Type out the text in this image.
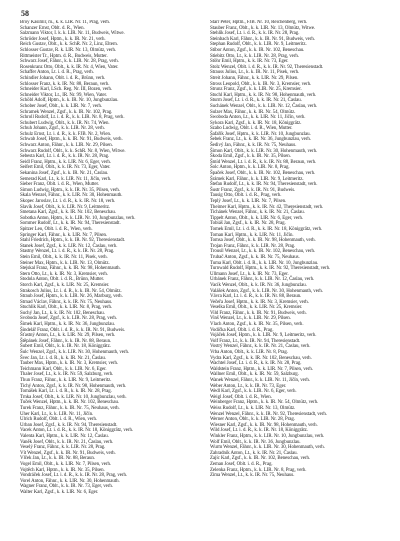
58
Bröy Kasimir, m., k. k. LIR. Nr. 11, Prag, verh.
Schanzer Ernst, Oblt. d. R., Wien.
Salzmann Viktor, I. k. k. LIR. Nr. 11, Budweis, Witwe.
Schröder Josef, Hptm., k. k. IR. Nr. 21, verh.
Reich Gustav, Oblt., k. k. SchR. Nr. 2, Linz, Eltern.
Schlosser Gustav, R. k. LIR. Nr. 13, Olmütz, verh.
Rittmeister Tr., Hptm. d. R., Budweis, Mutter.
Schwarz Josef, Fähnr., k. k. LIR. Nr. 28, Prag, verh.
Rosenkranz Otto, Oblt., k. k. IR. Nr. 4, Wien, Vater.
Schaffer Anton, Lt. i. d. R., Prag, verh.
Schindler Johann, Oblt. i. d. R., Brünn, verh.
Schlosser Franz, k. k. IR. Nr. 88, Beraun, verh.
Schneider Karl, LSch. Reg. Nr. III, Bozen, verh.
Schneider Viktor, Lt., IR. Nr. 99, Wien, Vater.
Schöbl Adolf, Hptm., k. k. IR. Nr. 10, Jungbunzlau.
Schober Josef, Oblt., k. k. LIR. Nr. 7, verh.
Schramek Wenzel, Zgsf., k. k. IR. Nr. 102, Prag.
Schroll Rudolf, Lt. i. d. R., k. k. LIR. Nr. 8, Prag, verh.
Schubert Ludwig, Oblt., k. k. IR. Nr. 74, Wien.
Schuh Johann, Zgsf., k. k. LIR. Nr. 28, verh.
Schulz Ernst, Lt. i. d. R., k. k. FJB. Nr. 2, Wien.
Schwab Josef, Hptm., k. k. IR. Nr. 91, Budweis, verh.
Schwarz Anton, Fähnr., k. k. LIR. Nr. 29, Pilsen.
Schwarz Rudolf, Oblt., k. k. SchR. Nr. 8, Wien, Witwe.
Sebesta Karl, Lt. i. d. R., k. k. IR. Nr. 28, Prag.
Seidl Franz, Hptm., k. k. LIR. Nr. 6, Eger, verh.
Seifert Emil, Oblt., k. k. IR. Nr. 73, Eger, Vater.
Sekanina Josef, Zgsf., k. k. IR. Nr. 21, Časlau.
Semerad Karl, Lt., k. k. LIR. Nr. 11, Jičín, verh.
Sieber Franz, Oblt. i. d. R., Wien, Mutter.
Simon Ludwig, Hptm., k. k. IR. Nr. 35, Pilsen, verh.
Skala Wenzel, Fähnr., k. k. LIR. Nr. 30, Hohenmauth.
Skopec Jaroslav, Lt. i. d. R., k. k. IR. Nr. 18, verh.
Slavík Josef, Oblt., k. k. LIR. Nr. 9, Leitmeritz.
Smetana Karl, Zgsf., k. k. IR. Nr. 102, Beneschau.
Sobotka Anton, Hptm., k. k. LIR. Nr. 10, Jungbunzlau, verh.
Sommer Rudolf, Lt., k. k. IR. Nr. 94, Theresienstadt.
Spitzer Leo, Oblt. i. d. R., Wien, verh.
Springer Karl, Fähnr., k. k. LIR. Nr. 7, Pilsen.
Stahl Friedrich, Hptm., k. k. IR. Nr. 92, Theresienstadt.
Stanek Josef, Zgsf., k. k. LIR. Nr. 12, Časlau, verh.
Stastny Wenzel, Lt. i. d. R., k. k. IR. Nr. 28, Prag.
Stein Emil, Oblt., k. k. IR. Nr. 11, Pisek, verh.
Steiner Max, Hptm., k. k. LIR. Nr. 13, Olmütz.
Stejskal Franz, Fähnr., k. k. IR. Nr. 98, Hohenmauth.
Stern Otto, Lt., k. k. IR. Nr. 3, Kremsier, verh.
Stodola Anton, Oblt. i. d. R., Brünn, Mutter.
Storch Karl, Zgsf., k. k. LIR. Nr. 25, Kremsier.
Strakosch Julius, Lt. i. d. R., k. k. IR. Nr. 54, Olmütz.
Straub Josef, Hptm., k. k. LIR. Nr. 26, Marburg, verh.
Strnad Václav, Fähnr., k. k. IR. Nr. 75, Neuhaus.
Stuchlik Karl, Oblt., k. k. LIR. Nr. 8, Prag, verh.
Suchý Jan, Lt., k. k. IR. Nr. 102, Beneschau.
Svoboda Josef, Zgsf., k. k. LIR. Nr. 28, Prag, verh.
Šimek Karl, Hptm., k. k. IR. Nr. 36, Jungbunzlau.
Šindelář Franz, Oblt. i. d. R., k. k. IR. Nr. 91, Budweis.
Šťastný Anton, Lt., k. k. LIR. Nr. 29, Pilsen, verh.
Štěpánek Josef, Fähnr., k. k. IR. Nr. 88, Beraun.
Šubert Emil, Oblt., k. k. IR. Nr. 18, Königgrätz.
Šulc Wenzel, Zgsf., k. k. LIR. Nr. 30, Hohenmauth, verh.
Švec Jan, Lt. i. d. R., k. k. IR. Nr. 21, Časlau.
Tauber Max, Hptm., k. k. IR. Nr. 3, Kremsier, verh.
Teichmann Karl, Oblt., k. k. LIR. Nr. 6, Eger.
Thaler Josef, Lt., k. k. IR. Nr. 59, Salzburg, verh.
Thun Franz, Fähnr., k. k. LIR. Nr. 9, Leitmeritz.
Tichý Anton, Zgsf., k. k. IR. Nr. 98, Hohenmauth, verh.
Tomášek Karl, Lt. i. d. R., k. k. IR. Nr. 28, Prag.
Trnka Josef, Oblt., k. k. LIR. Nr. 10, Jungbunzlau, verh.
Tuček Wenzel, Hptm., k. k. IR. Nr. 102, Beneschau.
Turek Franz, Fähnr., k. k. IR. Nr. 75, Neuhaus, verh.
Uher Karl, Lt., k. k. LIR. Nr. 11, Jičín.
Ulrich Rudolf, Oblt. i. d. R., Wien, verh.
Urban Josef, Zgsf., k. k. IR. Nr. 94, Theresienstadt.
Vacek Anton, Lt. i. d. R., k. k. IR. Nr. 18, Königgrätz, verh.
Valenta Karl, Hptm., k. k. LIR. Nr. 12, Časlau.
Vaněk Josef, Oblt., k. k. IR. Nr. 21, Časlau, verh.
Veselý Franz, Fähnr., k. k. LIR. Nr. 28, Prag.
Vít Wenzel, Zgsf., k. k. IR. Nr. 91, Budweis, verh.
Vlček Jan, Lt., k. k. IR. Nr. 88, Beraun.
Vogel Emil, Oblt., k. k. LIR. Nr. 7, Pilsen, verh.
Vojtěch Karl, Hptm., k. k. IR. Nr. 35, Pilsen.
Vondráček Josef, Lt. i. d. R., k. k. IR. Nr. 28, Prag, verh.
Vorel Anton, Fähnr., k. k. LIR. Nr. 30, Hohenmauth.
Wagner Franz, Oblt., k. k. IR. Nr. 73, Eger, verh.
Walter Karl, Zgsf., k. k. LIR. Nr. 6, Eger.
Starr Peter, Hptm., FJB. Nr. 10, Reichenberg, verh.
Stauber Franz, Oblt., k. k. LIR. Nr. 13, Olmütz, Witwe.
Stehlík Josef, Lt. i. d. R., k. k. IR. Nr. 28, Prag.
Steinbach Karl, Fähnr., k. k. IR. Nr. 91, Budweis, verh.
Stephan Rudolf, Oblt., k. k. LIR. Nr. 9, Leitmeritz.
Stibor Anton, Zgsf., k. k. IR. Nr. 102, Beneschau.
Stiebitz Otto, Lt., k. k. LIR. Nr. 28, Prag, verh.
Stöhr Emil, Hptm., k. k. IR. Nr. 73, Eger.
Stolz Wenzel, Oblt. i. d. R., k. k. IR. Nr. 92, Theresienstadt.
Strauss Julius, Lt., k. k. IR. Nr. 11, Pisek, verh.
Streit Johann, Fähnr., k. k. LIR. Nr. 29, Pilsen.
Stross Leopold, Oblt., k. k. IR. Nr. 3, Kremsier, verh.
Strunz Franz, Zgsf., k. k. LIR. Nr. 25, Kremsier.
Stuchl Karl, Hptm., k. k. IR. Nr. 98, Hohenmauth, verh.
Sturm Josef, Lt. i. d. R., k. k. IR. Nr. 21, Časlau.
Suchánek Wenzel, Oblt., k. k. LIR. Nr. 12, Časlau, verh.
Sulzer Max, Fähnr., k. k. IR. Nr. 54, Olmütz.
Swoboda Anton, Lt., k. k. LIR. Nr. 11, Jičín, verh.
Sykora Karl, Zgsf., k. k. IR. Nr. 18, Königgrätz.
Szabo Ludwig, Oblt. i. d. R., Wien, Mutter.
Šafařík Josef, Hptm., k. k. LIR. Nr. 10, Jungbunzlau.
Šebek Franz, Lt., k. k. IR. Nr. 36, Jungbunzlau, verh.
Šedivý Jan, Fähnr., k. k. IR. Nr. 75, Neuhaus.
Šimon Karl, Oblt., k. k. LIR. Nr. 30, Hohenmauth, verh.
Škoda Emil, Zgsf., k. k. IR. Nr. 35, Pilsen.
Šmíd Wenzel, Lt. i. d. R., k. k. IR. Nr. 88, Beraun, verh.
Šolc Anton, Hptm., k. k. LIR. Nr. 8, Prag.
Špaček Josef, Oblt., k. k. IR. Nr. 102, Beneschau, verh.
Šrámek Karl, Fähnr., k. k. LIR. Nr. 9, Leitmeritz.
Štefan Rudolf, Lt., k. k. IR. Nr. 94, Theresienstadt, verh.
Šustr Franz, Zgsf., k. k. IR. Nr. 91, Budweis.
Tausig Otto, Oblt. i. d. R., Prag, verh.
Teplý Josef, Lt., k. k. LIR. Nr. 7, Pilsen.
Theimer Karl, Hptm., k. k. IR. Nr. 42, Theresienstadt, verh.
Tichánek Wenzel, Fähnr., k. k. IR. Nr. 21, Časlau.
Tippelt Anton, Oblt., k. k. LIR. Nr. 6, Eger, verh.
Tobiáš Jan, Zgsf., k. k. IR. Nr. 28, Prag.
Tomek Emil, Lt. i. d. R., k. k. IR. Nr. 18, Königgrätz, verh.
Toman Karl, Hptm., k. k. LIR. Nr. 11, Jičín.
Tomsa Josef, Oblt., k. k. IR. Nr. 98, Hohenmauth, verh.
Trojan Franz, Fähnr., k. k. LIR. Nr. 28, Prag.
Trousil Wenzel, Lt., k. k. IR. Nr. 102, Beneschau, verh.
Trubač Anton, Zgsf., k. k. IR. Nr. 75, Neuhaus.
Tuma Karl, Oblt. i. d. R., k. k. LIR. Nr. 10, Jungbunzlau.
Turnwald Rudolf, Hptm., k. k. IR. Nr. 92, Theresienstadt, verh.
Ullmann Josef, Lt., k. k. IR. Nr. 73, Eger.
Urbánek Franz, Fähnr., k. k. LIR. Nr. 12, Časlau, verh.
Vacík Wenzel, Oblt., k. k. IR. Nr. 36, Jungbunzlau.
Valášek Anton, Zgsf., k. k. LIR. Nr. 30, Hohenmauth, verh.
Vávra Karl, Lt. i. d. R., k. k. IR. Nr. 88, Beraun.
Večeřa Josef, Hptm., k. k. IR. Nr. 3, Kremsier, verh.
Veselka Emil, Oblt., k. k. LIR. Nr. 25, Kremsier.
Vild Franz, Fähnr., k. k. IR. Nr. 91, Budweis, verh.
Vinš Wenzel, Lt., k. k. LIR. Nr. 29, Pilsen.
Vlach Anton, Zgsf., k. k. IR. Nr. 35, Pilsen, verh.
Vodička Karl, Oblt. i. d. R., Prag.
Vojáček Josef, Hptm., k. k. LIR. Nr. 9, Leitmeritz, verh.
Volf Franz, Lt., k. k. IR. Nr. 94, Theresienstadt.
Vostrý Wenzel, Fähnr., k. k. IR. Nr. 21, Časlau, verh.
Vrba Anton, Oblt., k. k. LIR. Nr. 8, Prag.
Vydra Karl, Zgsf., k. k. IR. Nr. 102, Beneschau, verh.
Wachtel Josef, Lt. i. d. R., k. k. IR. Nr. 28, Prag.
Waldstein Franz, Hptm., k. k. LIR. Nr. 7, Pilsen, verh.
Wallner Emil, Oblt., k. k. IR. Nr. 59, Salzburg.
Wanek Wenzel, Fähnr., k. k. LIR. Nr. 11, Jičín, verh.
Weber Anton, Lt., k. k. IR. Nr. 73, Eger.
Wedl Karl, Zgsf., k. k. LIR. Nr. 6, Eger, verh.
Weigl Josef, Oblt. i. d. R., Wien.
Weinberger Franz, Hptm., k. k. IR. Nr. 54, Olmütz, verh.
Weiss Rudolf, Lt., k. k. LIR. Nr. 13, Olmütz.
Wenzel Wenzel, Fähnr., k. k. IR. Nr. 92, Theresienstadt, verh.
Werner Anton, Oblt., k. k. LIR. Nr. 28, Prag.
Wiesner Karl, Zgsf., k. k. IR. Nr. 98, Hohenmauth, verh.
Wild Josef, Lt. i. d. R., k. k. IR. Nr. 18, Königgrätz.
Winkler Franz, Hptm., k. k. LIR. Nr. 10, Jungbunzlau, verh.
Wolf Emil, Oblt., k. k. IR. Nr. 36, Jungbunzlau.
Wurm Wenzel, Fähnr., k. k. LIR. Nr. 30, Hohenmauth, verh.
Zahradník Anton, Lt., k. k. IR. Nr. 21, Časlau.
Zajíc Karl, Zgsf., k. k. IR. Nr. 102, Beneschau, verh.
Zeman Josef, Oblt. i. d. R., Prag.
Zelenka Franz, Hptm., k. k. LIR. Nr. 8, Prag, verh.
Zima Wenzel, Lt., k. k. IR. Nr. 75, Neuhaus.
